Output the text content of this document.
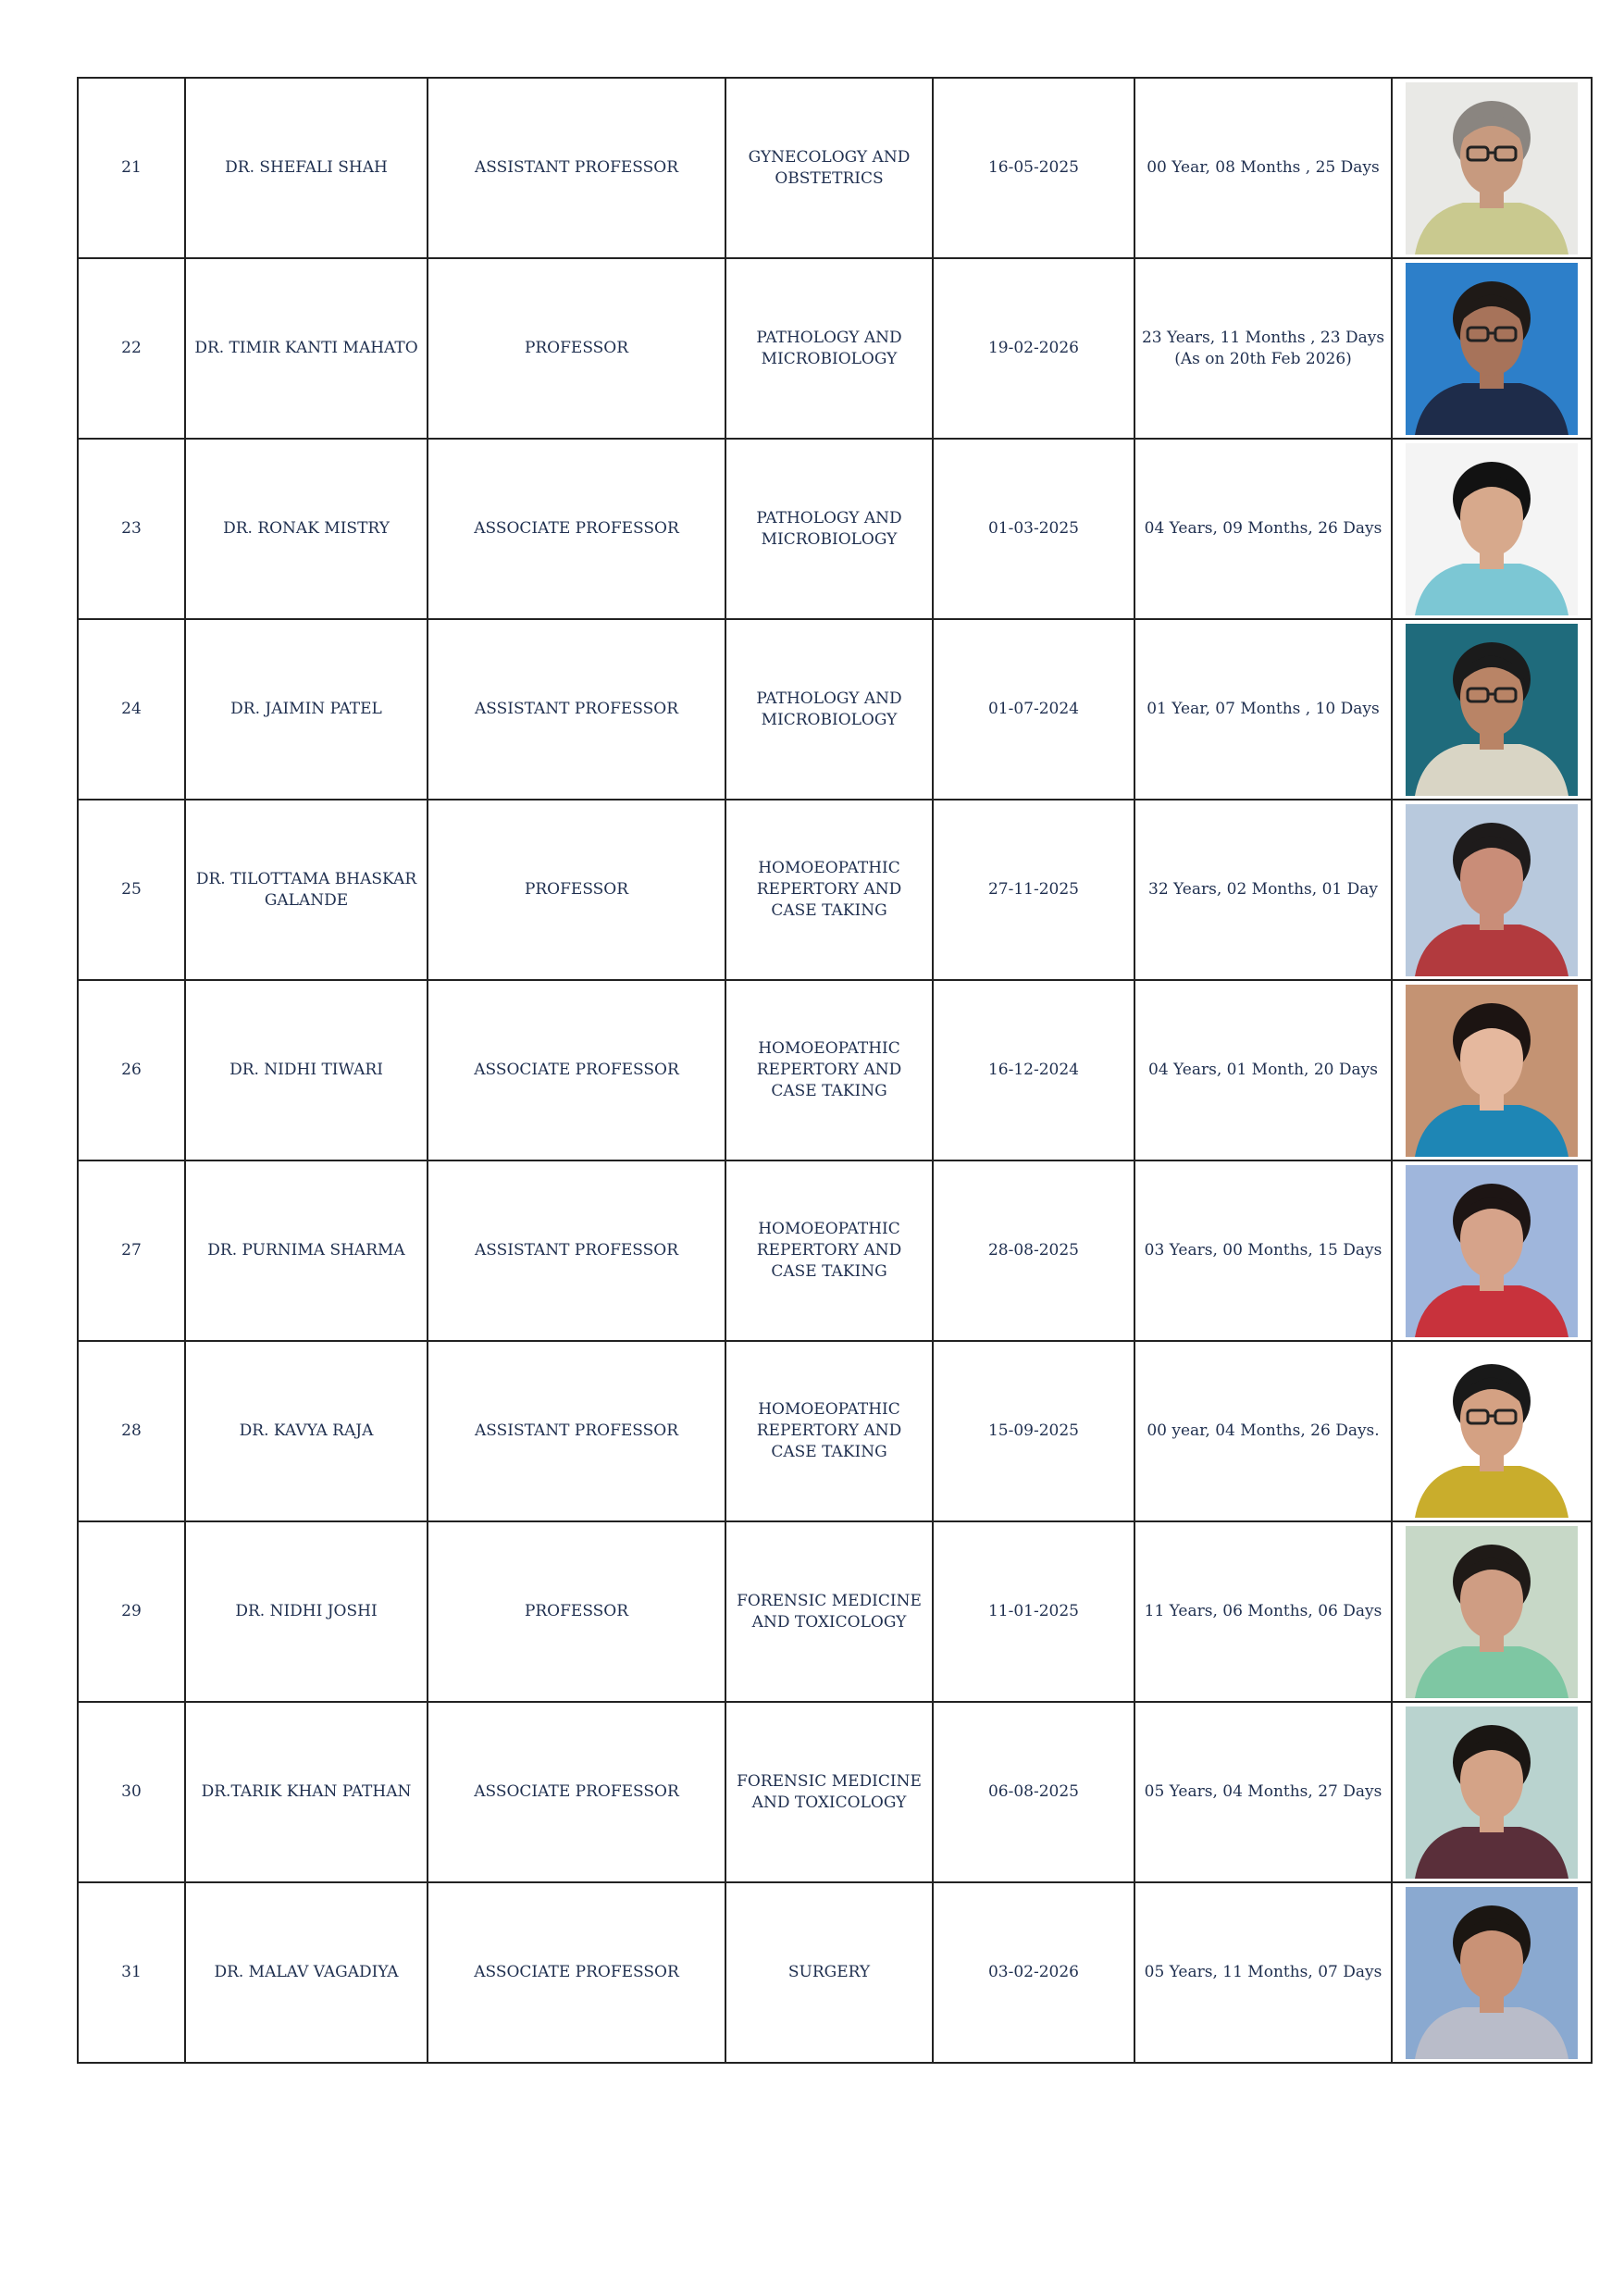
21	DR. SHEFALI SHAH	ASSISTANT PROFESSOR	GYNECOLOGY AND OBSTETRICS	16-05-2025	00 Year, 08 Months , 25 Days

22	DR. TIMIR KANTI MAHATO	PROFESSOR	PATHOLOGY AND MICROBIOLOGY	19-02-2026	23 Years, 11 Months , 23 Days
(As on 20th Feb 2026)

23	DR. RONAK MISTRY	ASSOCIATE PROFESSOR	PATHOLOGY AND MICROBIOLOGY	01-03-2025	04 Years, 09 Months, 26 Days

24	DR. JAIMIN PATEL	ASSISTANT PROFESSOR	PATHOLOGY AND MICROBIOLOGY	01-07-2024	01 Year, 07 Months , 10 Days

25	DR. TILOTTAMA BHASKAR GALANDE	PROFESSOR	HOMOEOPATHIC REPERTORY AND CASE TAKING	27-11-2025	32 Years, 02 Months, 01 Day

26	DR. NIDHI TIWARI	ASSOCIATE PROFESSOR	HOMOEOPATHIC REPERTORY AND CASE TAKING	16-12-2024	04 Years, 01 Month, 20 Days

27	DR. PURNIMA SHARMA	ASSISTANT PROFESSOR	HOMOEOPATHIC REPERTORY AND CASE TAKING	28-08-2025	03 Years, 00 Months, 15 Days

28	DR. KAVYA RAJA	ASSISTANT PROFESSOR	HOMOEOPATHIC REPERTORY AND CASE TAKING	15-09-2025	00 year, 04 Months, 26 Days.

29	DR. NIDHI JOSHI	PROFESSOR	FORENSIC MEDICINE AND TOXICOLOGY	11-01-2025	11 Years, 06 Months, 06 Days

30	DR.TARIK KHAN PATHAN	ASSOCIATE PROFESSOR	FORENSIC MEDICINE AND TOXICOLOGY	06-08-2025	05 Years, 04 Months, 27 Days

31	DR. MALAV VAGADIYA	ASSOCIATE PROFESSOR	SURGERY	03-02-2026	05 Years, 11 Months, 07 Days
